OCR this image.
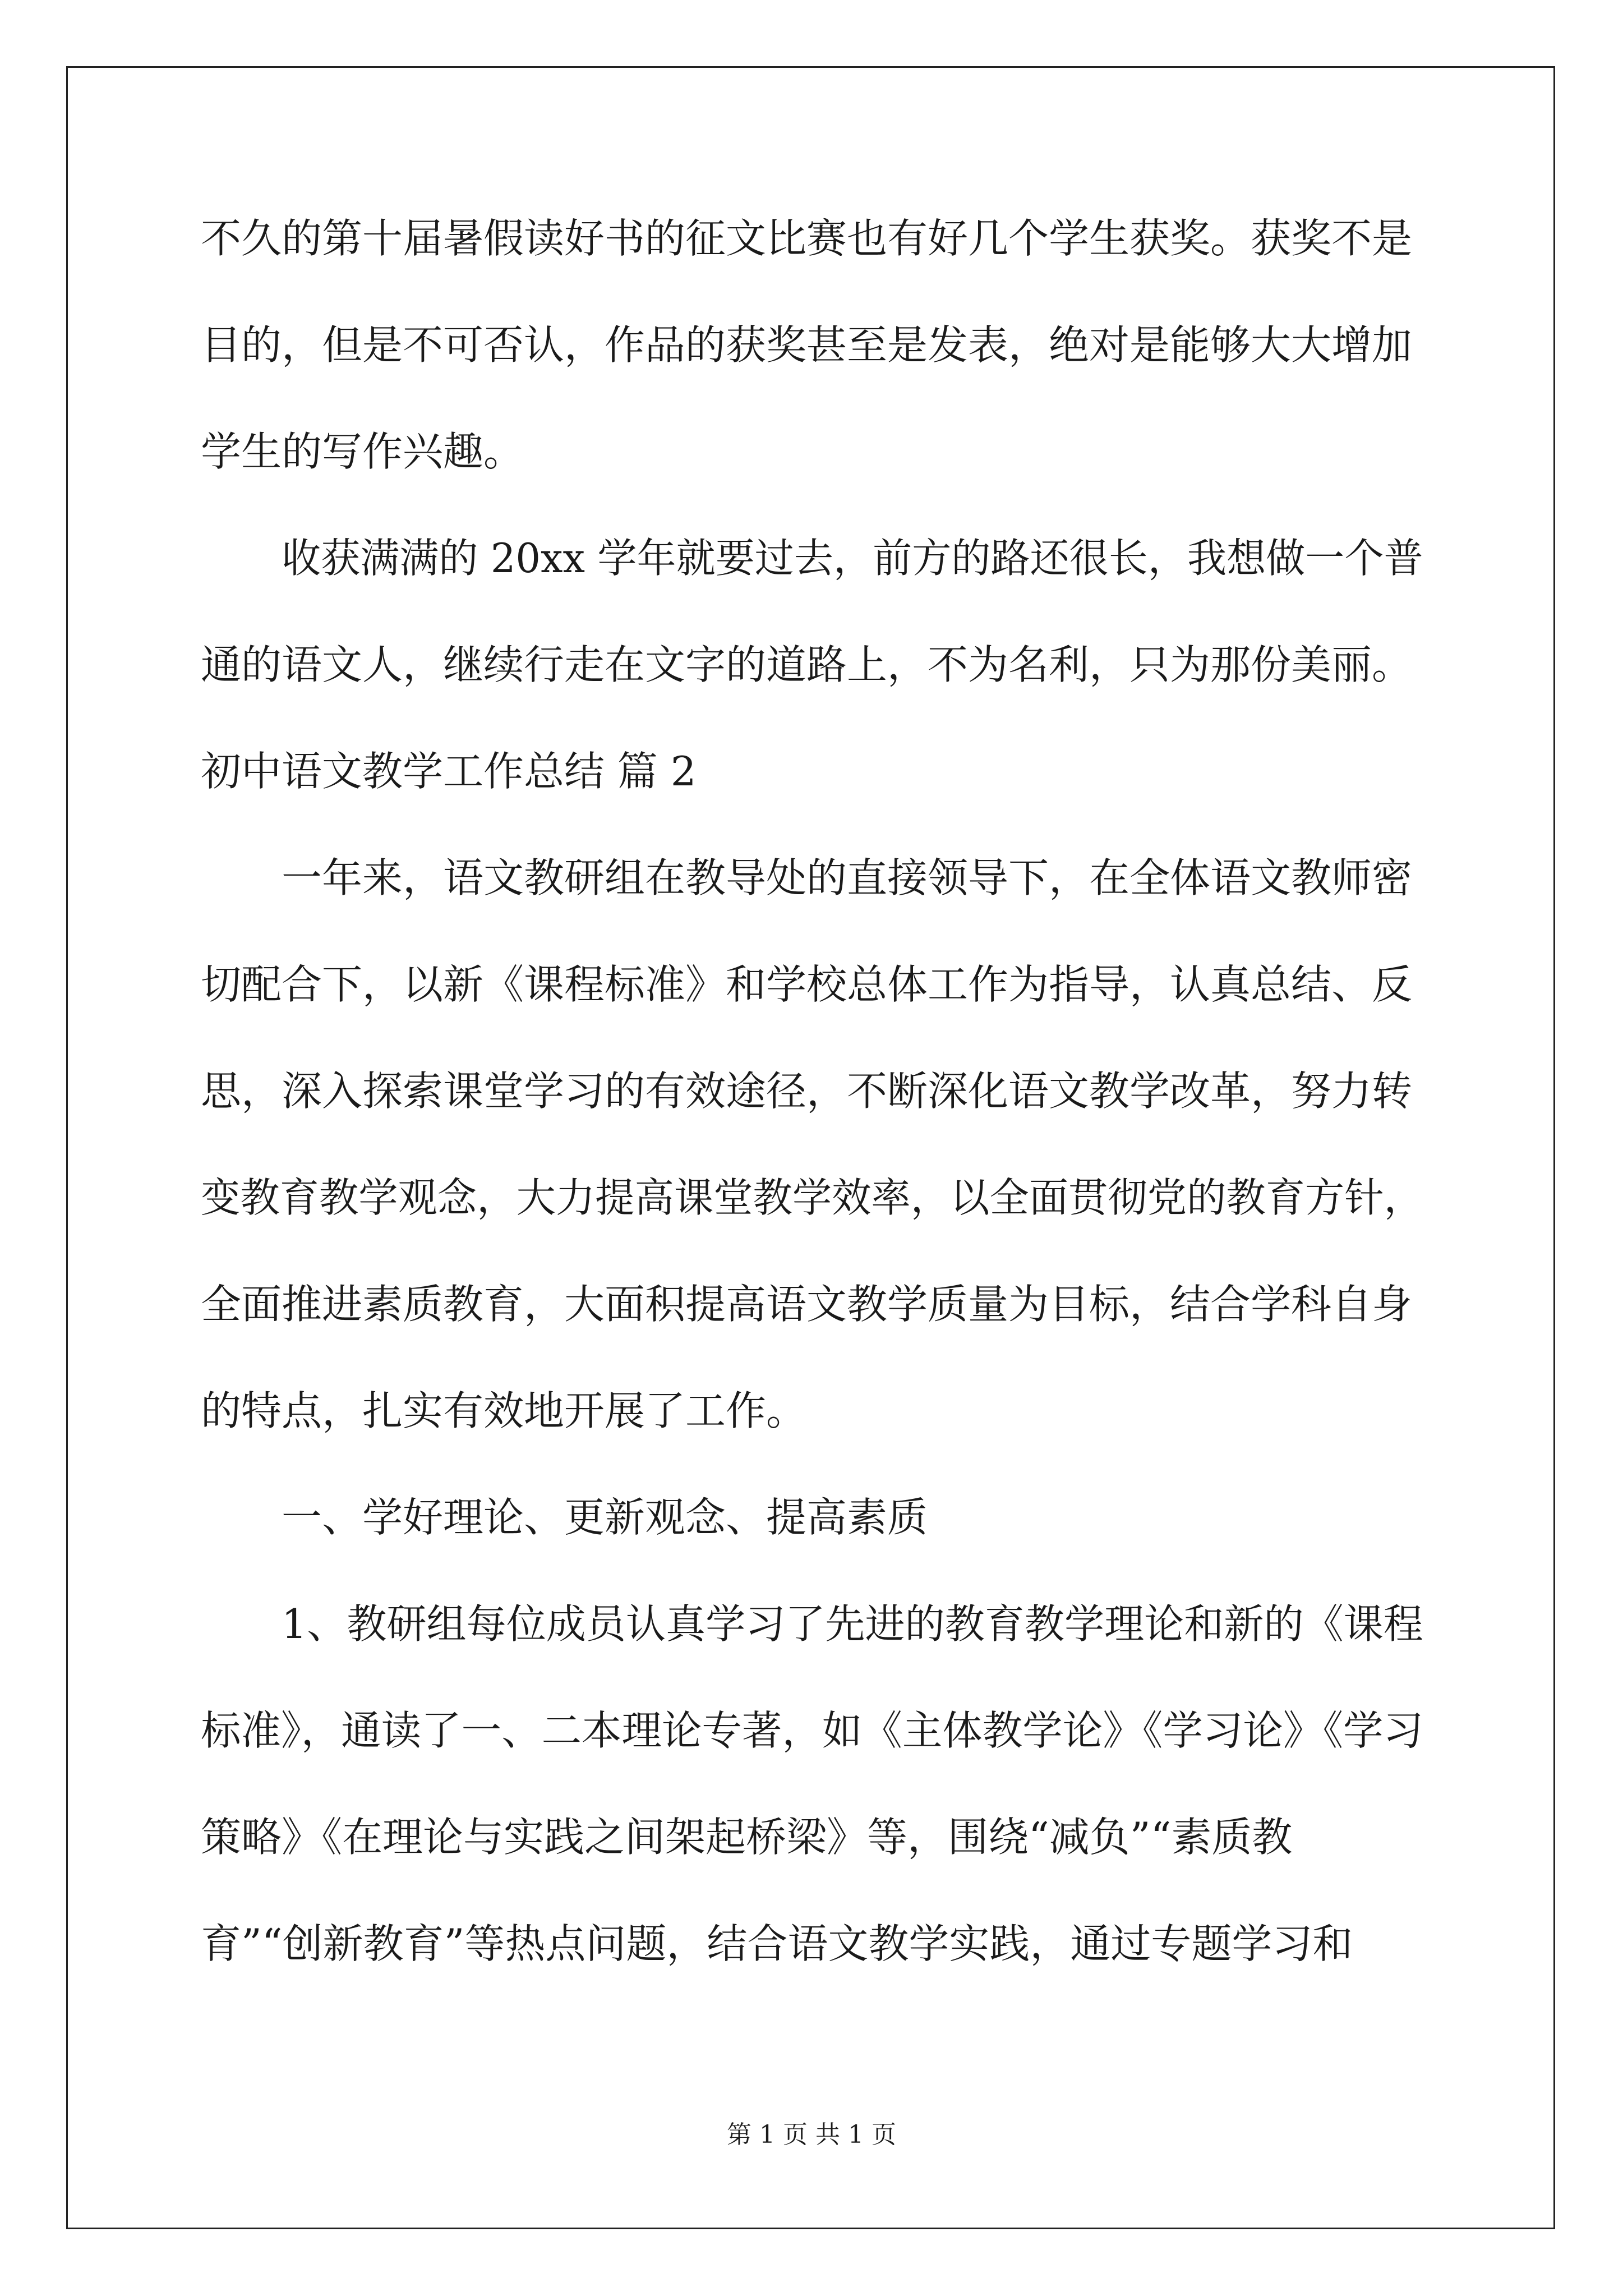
不久的第十届暑假读好书的征文比赛也有好几个学生获奖。获奖不是
目的，但是不可否认，作品的获奖甚至是发表，绝对是能够大大增加
学生的写作兴趣。
收获满满的 20xx 学年就要过去，前方的路还很长，我想做一个普
通的语文人，继续行走在文字的道路上，不为名利，只为那份美丽。
初中语文教学工作总结 篇 2
一年来，语文教研组在教导处的直接领导下，在全体语文教师密
切配合下，以新《课程标准》和学校总体工作为指导，认真总结、反
思，深入探索课堂学习的有效途径，不断深化语文教学改革，努力转
变教育教学观念，大力提高课堂教学效率，以全面贯彻党的教育方针，
全面推进素质教育，大面积提高语文教学质量为目标，结合学科自身
的特点，扎实有效地开展了工作。
一、学好理论、更新观念、提高素质
1、教研组每位成员认真学习了先进的教育教学理论和新的《课程
标准》，通读了一、二本理论专著，如《主体教学论》《学习论》《学习
策略》《在理论与实践之间架起桥梁》等，围绕“减负”“素质教
育”“创新教育”等热点问题，结合语文教学实践，通过专题学习和
第 1 页 共 1 页
